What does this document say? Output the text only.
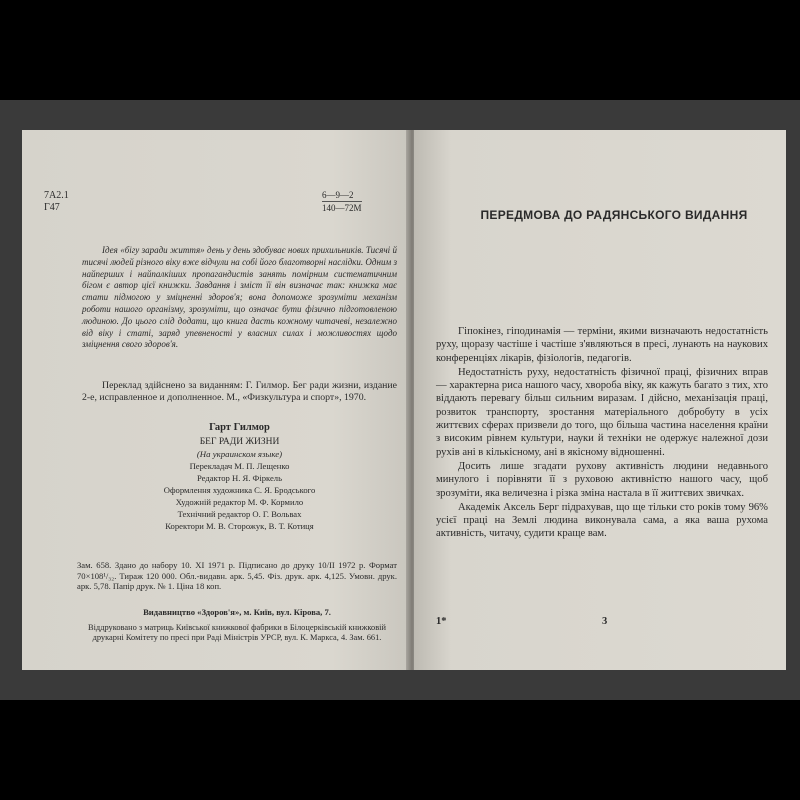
7А2.1
Г47
6—9—2
140—72М

Ідея «бігу заради життя» день у день здобуває нових прихильників. Тисячі й тисячі людей різного віку вже відчули на собі його благотворні наслідки. Одним з найперших і найпалкіших пропагандистів занять помірним систематичним бігом є автор цієї книжки. Завдання і зміст її він визначає так: книжка має стати підмогою у зміцненні здоров'я; вона допоможе зрозуміти механізм роботи нашого організму, зрозуміти, що означає бути фізично підготовленою людиною. До цього слід додати, що книга дасть кожному читачеві, незалежно від віку і статі, заряд упевненості у власних силах і можливостях щодо зміцнення свого здоров'я.

Переклад здійснено за виданням: Г. Гилмор. Бег ради жизни, издание 2-е, исправленное и дополненное. М., «Физкультура и спорт», 1970.

Гарт Гилмор
БЕГ РАДИ ЖИЗНИ
(На украинском языке)
Перекладач М. П. Лещенко
Редактор Н. Я. Фіркель
Оформлення художника С. Я. Бродського
Художній редактор М. Ф. Кормило
Технічний редактор О. Г. Вольвах
Коректори М. В. Сторожук, В. Т. Котиця

Зам. 658. Здано до набору 10. XI 1971 р. Підписано до друку 10/II 1972 р. Формат 70×108¹/₃₂. Тираж 120 000. Обл.-видавн. арк. 5,45. Фіз. друк. арк. 4,125. Умовн. друк. арк. 5,78. Папір друк. № 1. Ціна 18 коп.

Видавництво «Здоров'я», м. Київ, вул. Кірова, 7.

Віддруковано з матриць Київської книжкової фабрики в Білоцерківській книжковій друкарні Комітету по пресі при Раді Міністрів УРСР, вул. К. Маркса, 4. Зам. 661.

ПЕРЕДМОВА ДО РАДЯНСЬКОГО ВИДАННЯ

Гіпокінез, гіподинамія — терміни, якими визначають недостатність руху, щоразу частіше і частіше з'являються в пресі, лунають на наукових конференціях лікарів, фізіологів, педагогів.

Недостатність руху, недостатність фізичної праці, фізичних вправ — характерна риса нашого часу, хвороба віку, як кажуть багато з тих, хто віддають перевагу більш сильним виразам. І дійсно, механізація праці, розвиток транспорту, зростання матеріального добробуту в усіх життєвих сферах призвели до того, що більша частина населення країни з високим рівнем культури, науки й техніки не одержує належної дози рухів ані в кількісному, ані в якісному відношенні.

Досить лише згадати рухову активність людини недавнього минулого і порівняти її з руховою активністю нашого часу, щоб зрозуміти, яка величезна і різка зміна настала в її життєвих звичках.

Академік Аксель Берг підрахував, що ще тільки сто років тому 96% усієї праці на Землі людина виконувала сама, а яка ваша рухома активність, читачу, судити краще вам.

1*	3
